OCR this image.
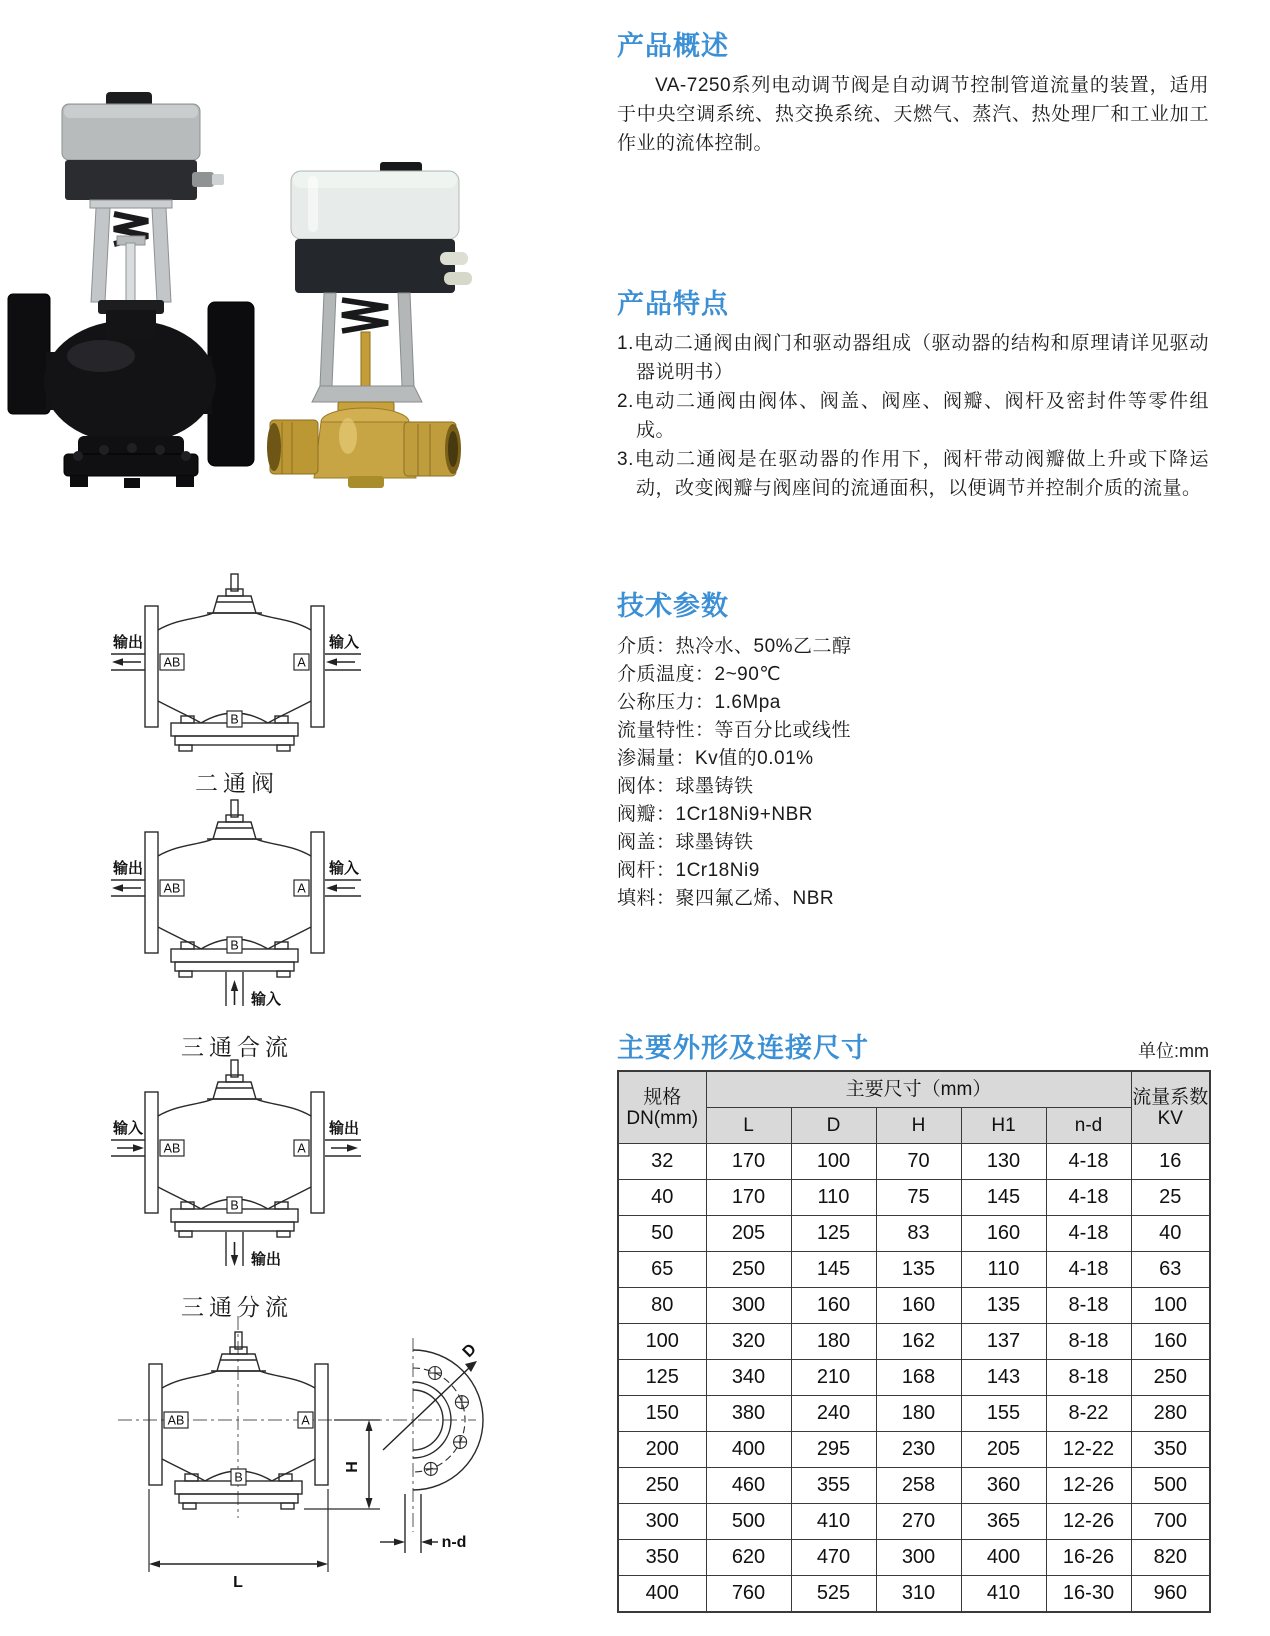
输出	输入
AB	A
B
二通阀
输出	输入
输入
AB	A
B
三通合流
输入	输出
输出
AB	A
B
三通分流
AB	A
B
H
L
D
n-d
产品概述

VA-7250系列电动调节阀是自动调节控制管道流量的装置，适用于中央空调系统、热交换系统、天燃气、蒸汽、热处理厂和工业加工作业的流体控制。

产品特点
1.电动二通阀由阀门和驱动器组成（驱动器的结构和原理请详见驱动器说明书）
2.电动二通阀由阀体、阀盖、阀座、阀瓣、阀杆及密封件等零件组成。
3.电动二通阀是在驱动器的作用下，阀杆带动阀瓣做上升或下降运动，改变阀瓣与阀座间的流通面积，以便调节并控制介质的流量。
技术参数
介质：热冷水、50%乙二醇
介质温度：2~90℃
公称压力：1.6Mpa
流量特性：等百分比或线性
渗漏量：Kv值的0.01%
阀体：球墨铸铁
阀瓣：1Cr18Ni9+NBR
阀盖：球墨铸铁
阀杆：1Cr18Ni9
填料：聚四氟乙烯、NBR
主要外形及连接尺寸	单位:mm
规格
DN(mm)	主要尺寸（mm）					流量系数
KV

	L	D	H	H1	n-d	
32	170	100	70	130	4-18	16
40	170	110	75	145	4-18	25
50	205	125	83	160	4-18	40
65	250	145	135	110	4-18	63
80	300	160	160	135	8-18	100
100	320	180	162	137	8-18	160
125	340	210	168	143	8-18	250
150	380	240	180	155	8-22	280
200	400	295	230	205	12-22	350
250	460	355	258	360	12-26	500
300	500	410	270	365	12-26	700
350	620	470	300	400	16-26	820
400	760	525	310	410	16-30	960
